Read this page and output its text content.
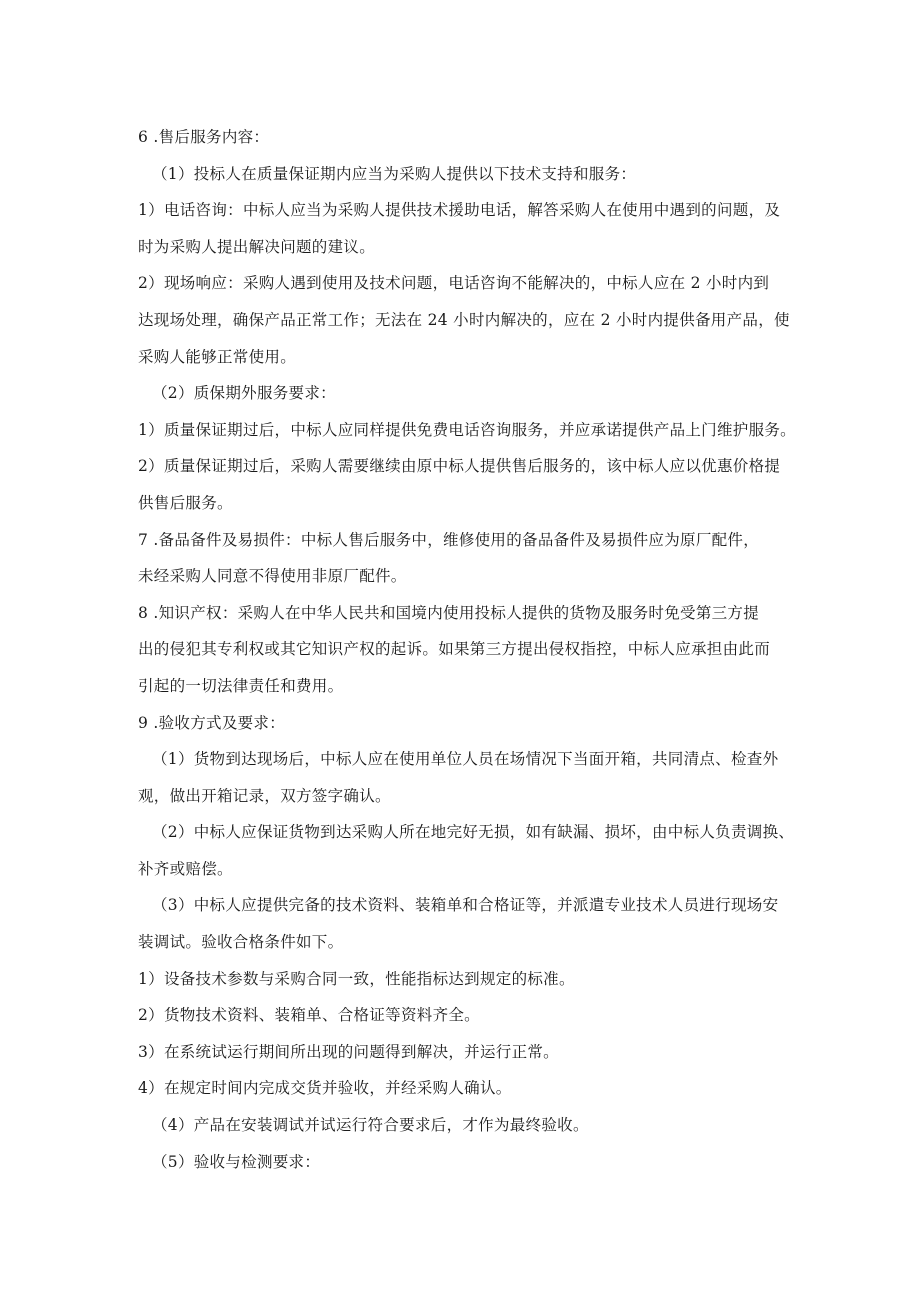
6 .售后服务内容：
（1）投标人在质量保证期内应当为采购人提供以下技术支持和服务：
1）电话咨询：中标人应当为采购人提供技术援助电话，解答采购人在使用中遇到的问题，及
时为采购人提出解决问题的建议。
2）现场响应：采购人遇到使用及技术问题，电话咨询不能解决的，中标人应在 2 小时内到
达现场处理，确保产品正常工作；无法在 24 小时内解决的，应在 2 小时内提供备用产品，使
采购人能够正常使用。
（2）质保期外服务要求：
1）质量保证期过后，中标人应同样提供免费电话咨询服务，并应承诺提供产品上门维护服务。
2）质量保证期过后，采购人需要继续由原中标人提供售后服务的，该中标人应以优惠价格提
供售后服务。
7 .备品备件及易损件：中标人售后服务中，维修使用的备品备件及易损件应为原厂配件，
未经采购人同意不得使用非原厂配件。
8 .知识产权：采购人在中华人民共和国境内使用投标人提供的货物及服务时免受第三方提
出的侵犯其专利权或其它知识产权的起诉。如果第三方提出侵权指控，中标人应承担由此而
引起的一切法律责任和费用。
9 .验收方式及要求：
（1）货物到达现场后，中标人应在使用单位人员在场情况下当面开箱，共同清点、检查外
观，做出开箱记录，双方签字确认。
（2）中标人应保证货物到达采购人所在地完好无损，如有缺漏、损坏，由中标人负责调换、
补齐或赔偿。
（3）中标人应提供完备的技术资料、装箱单和合格证等，并派遣专业技术人员进行现场安
装调试。验收合格条件如下。
1）设备技术参数与采购合同一致，性能指标达到规定的标准。
2）货物技术资料、装箱单、合格证等资料齐全。
3）在系统试运行期间所出现的问题得到解决，并运行正常。
4）在规定时间内完成交货并验收，并经采购人确认。
（4）产品在安装调试并试运行符合要求后，才作为最终验收。
（5）验收与检测要求：
